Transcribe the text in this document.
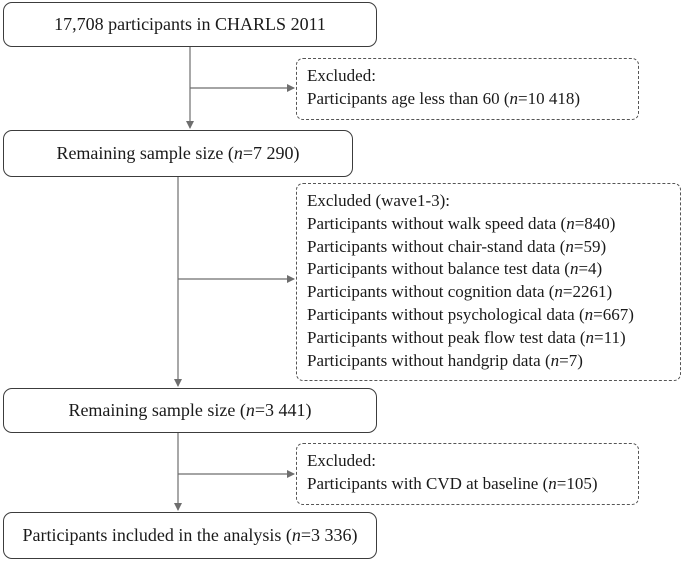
17,708 participants in CHARLS 2011
Remaining sample size (n=7 290)
Remaining sample size (n=3 441)
Participants included in the analysis (n=3 336)
Excluded:
Participants age less than 60 (n=10 418)
Excluded (wave1-3):
Participants without walk speed data (n=840)
Participants without chair-stand data (n=59)
Participants without balance test data (n=4)
Participants without cognition data (n=2261)
Participants without psychological data (n=667)
Participants without peak flow test data (n=11)
Participants without handgrip data (n=7)
Excluded:
Participants with CVD at baseline (n=105)
